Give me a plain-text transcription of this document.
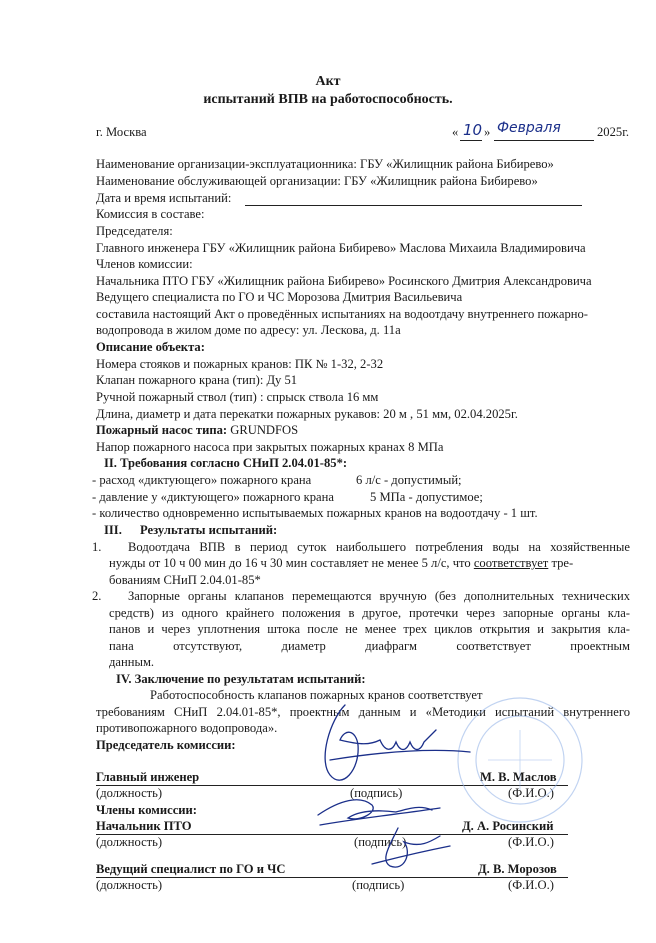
Акт
испытаний ВПВ на работоспособность.
г. Москва	« 10 » Февраля	2025г.
Наименование организации-эксплуатационника: ГБУ «Жилищник района Бибирево»
Наименование обслуживающей организации: ГБУ «Жилищник района Бибирево»
Дата и время испытаний:
Комиссия в составе:
Председателя:
Главного инженера ГБУ «Жилищник района Бибирево» Маслова Михаила Владимировича
Членов комиссии:
Начальника ПТО ГБУ «Жилищник района Бибирево» Росинского Дмитрия Александровича
Ведущего специалиста по ГО и ЧС Морозова Дмитрия Васильевича
составила настоящий Акт о проведённых испытаниях на водоотдачу внутреннего пожарно-
водопровода в жилом доме по адресу: ул. Лескова, д. 11а
Описание объекта:
Номера стояков и пожарных кранов: ПК № 1-32, 2-32
Клапан пожарного крана (тип): Ду 51
Ручной пожарный ствол (тип) : спрыск ствола 16 мм
Длина, диаметр и дата перекатки пожарных рукавов: 20 м , 51 мм, 02.04.2025г.
Пожарный насос типа: GRUNDFOS
Напор пожарного насоса при закрытых пожарных кранах 8 МПа
II. Требования согласно СНиП 2.04.01-85*:
- расход «диктующего» пожарного крана	6 л/с - допустимый;
- давление у «диктующего» пожарного крана	5 МПа - допустимое;
- количество одновременно испытываемых пожарных кранов на водоотдачу - 1 шт.
III. Результаты испытаний:
1. Водоотдача ВПВ в период суток наибольшего потребления воды на хозяйственные
нужды от 10 ч 00 мин до 16 ч 30 мин составляет не менее 5 л/с, что соответствует тре-
бованиям СНиП 2.04.01-85*
2. Запорные органы клапанов перемещаются вручную (без дополнительных технических
средств) из одного крайнего положения в другое, протечки через запорные органы кла-
панов и через уплотнения штока после не менее трех циклов открытия и закрытия кла-
пана отсутствуют, диаметр диафрагм соответствует проектным
данным.
IV. Заключение по результатам испытаний:
Работоспособность клапанов пожарных кранов соответствует
требованиям СНиП 2.04.01-85*, проектным данным и «Методики испытаний внутреннего
противопожарного водопровода».
Председатель комиссии:
Главный инженер	М. В. Маслов
(должность)	(подпись)	(Ф.И.О.)
Члены комиссии:
Начальник ПТО	Д. А. Росинский
(должность)	(подпись)	(Ф.И.О.)
Ведущий специалист по ГО и ЧС	Д. В. Морозов
(должность)	(подпись)	(Ф.И.О.)
